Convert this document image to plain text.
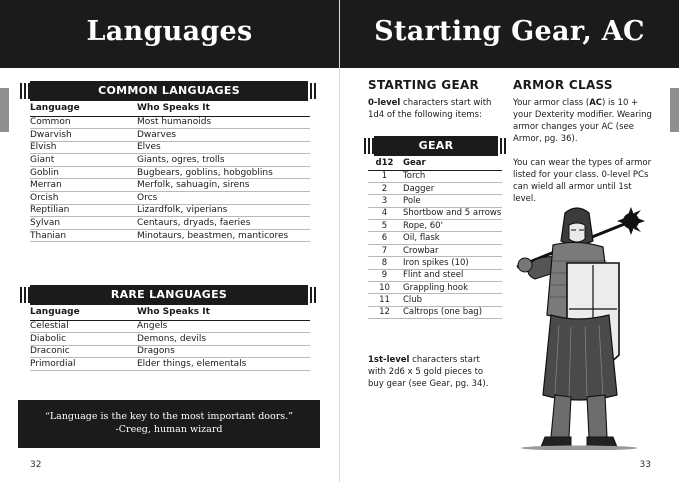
Languages
COMMON LANGUAGES
Language	Who Speaks It
Common	Most humanoids
Dwarvish	Dwarves
Elvish	Elves
Giant	Giants, ogres, trolls
Goblin	Bugbears, goblins, hobgoblins
Merran	Merfolk, sahuagin, sirens
Orcish	Orcs
Reptilian	Lizardfolk, viperians
Sylvan	Centaurs, dryads, faeries
Thanian	Minotaurs, beastmen, manticores
RARE LANGUAGES
Language	Who Speaks It
Celestial	Angels
Diabolic	Demons, devils
Draconic	Dragons
Primordial	Elder things, elementals
“Language is the key to the most important doors.”
-Creeg, human wizard
32
Starting Gear, AC
STARTING GEAR
0-level characters start with 1d4 of the following items:
GEAR
d12	Gear
1	Torch
2	Dagger
3	Pole
4	Shortbow and 5 arrows
5	Rope, 60'
6	Oil, flask
7	Crowbar
8	Iron spikes (10)
9	Flint and steel
10	Grappling hook
11	Club
12	Caltrops (one bag)
1st-level characters start with 2d6 x 5 gold pieces to buy gear (see Gear, pg. 34).
ARMOR CLASS
Your armor class (AC) is 10 + your Dexterity modifier. Wearing armor changes your AC (see Armor, pg. 36).
You can wear the types of armor listed for your class. 0-level PCs can wield all armor until 1st level.
33
